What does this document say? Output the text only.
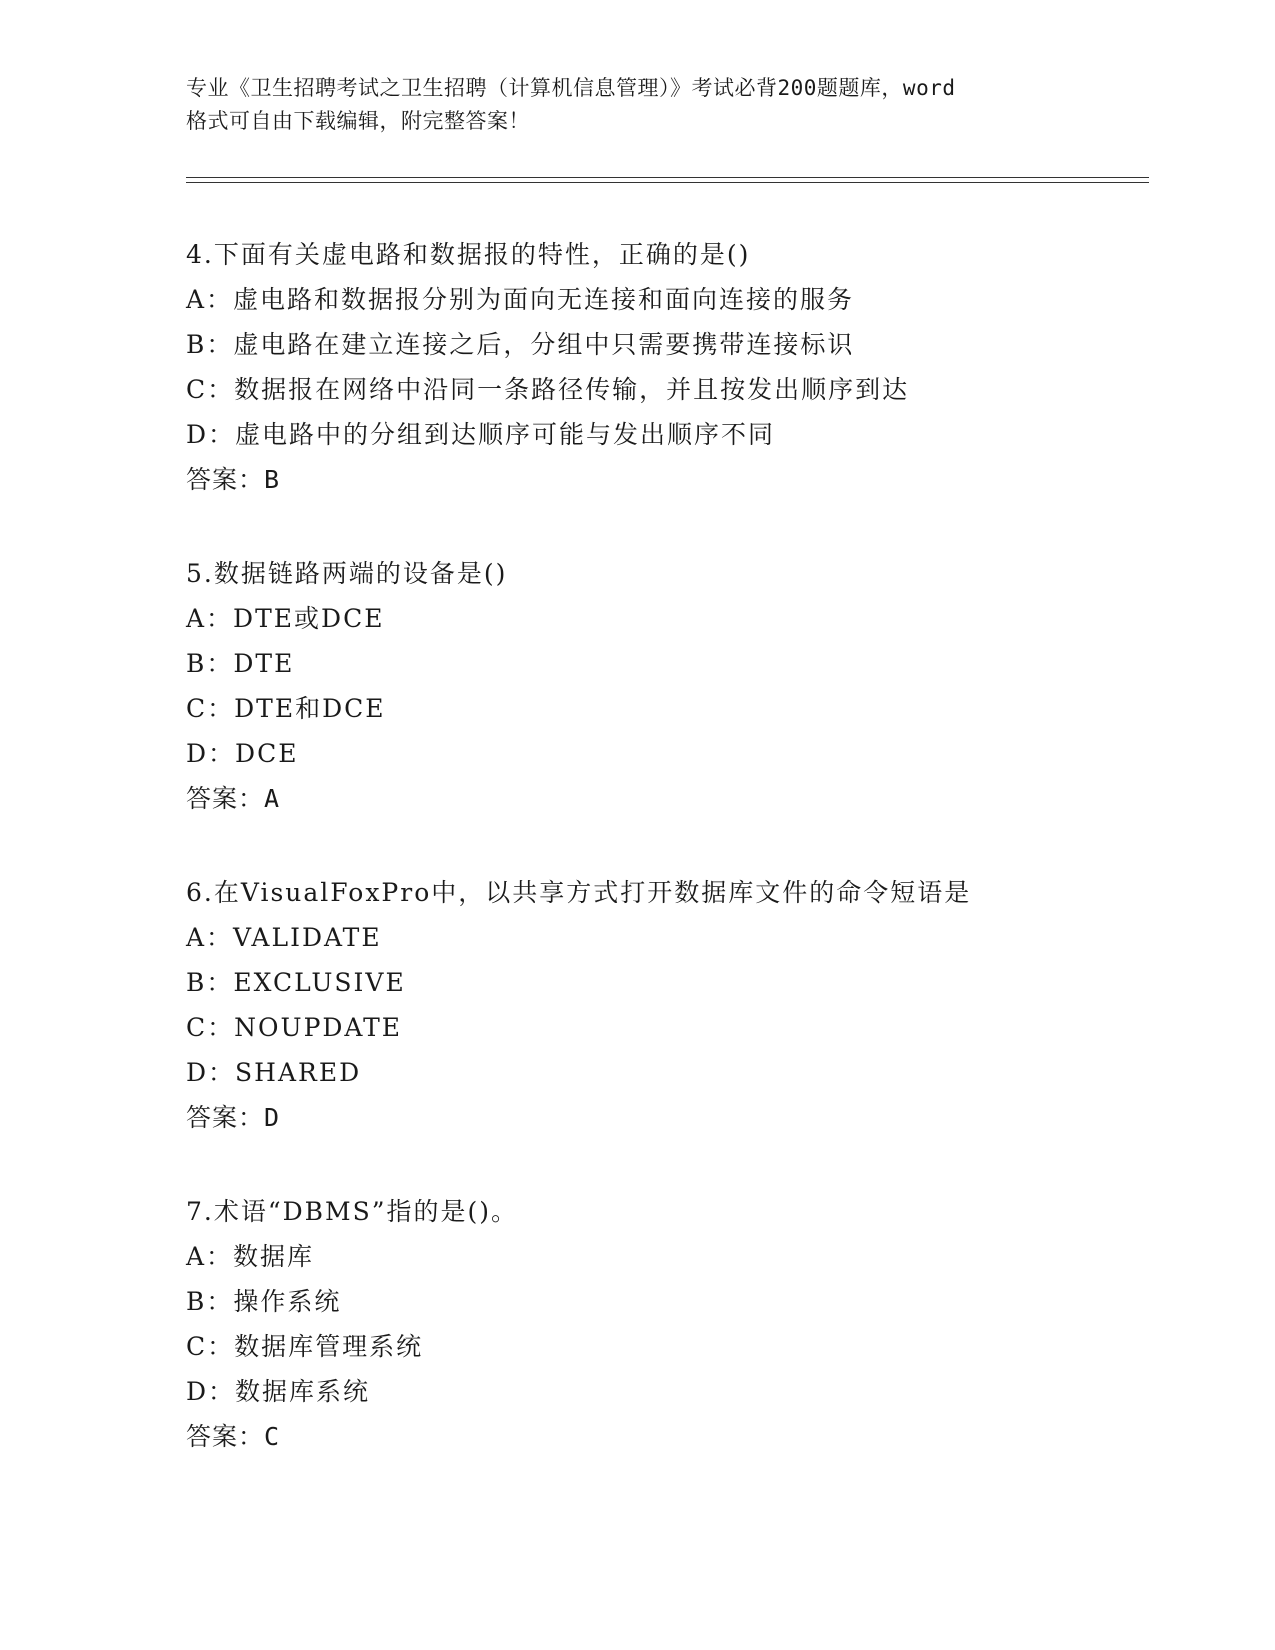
专业《卫生招聘考试之卫生招聘（计算机信息管理）》考试必背200题题库，word
格式可自由下载编辑，附完整答案！
4.下面有关虚电路和数据报的特性，正确的是()
A：虚电路和数据报分别为面向无连接和面向连接的服务
B：虚电路在建立连接之后，分组中只需要携带连接标识
C：数据报在网络中沿同一条路径传输，并且按发出顺序到达
D：虚电路中的分组到达顺序可能与发出顺序不同
答案：B
5.数据链路两端的设备是()
A：DTE或DCE
B：DTE
C：DTE和DCE
D：DCE
答案：A
6.在VisualFoxPro中，以共享方式打开数据库文件的命令短语是
A：VALIDATE
B：EXCLUSIVE
C：NOUPDATE
D：SHARED
答案：D
7.术语“DBMS”指的是()。
A：数据库
B：操作系统
C：数据库管理系统
D：数据库系统
答案：C
